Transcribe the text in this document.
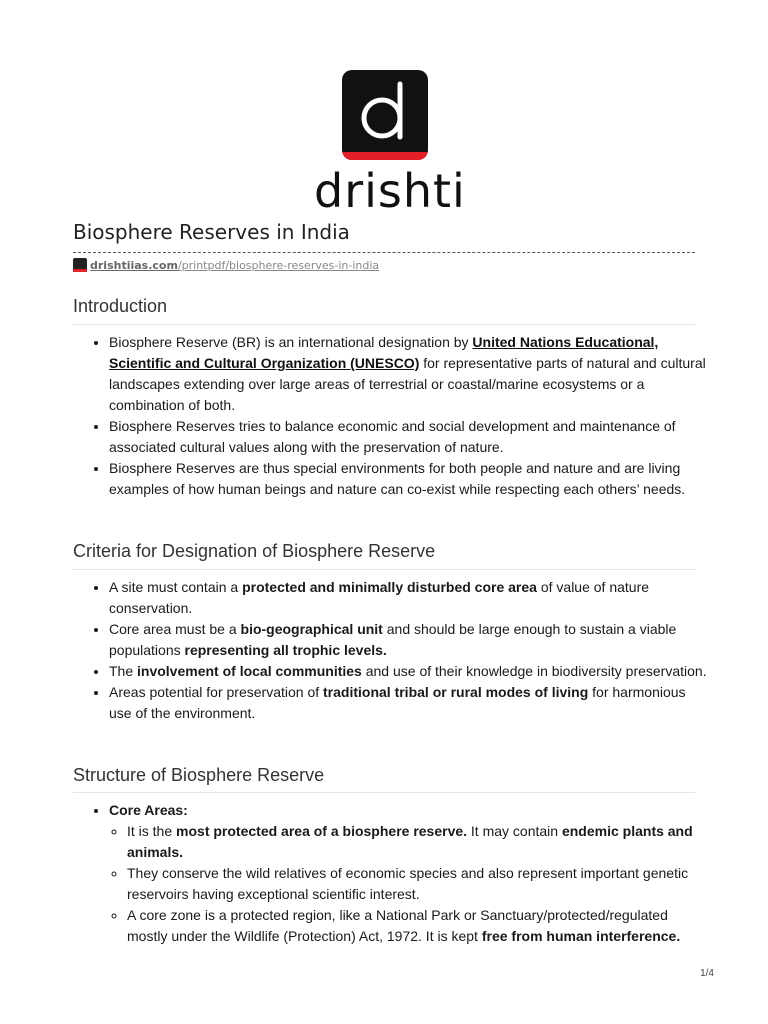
drishti
Biosphere Reserves in India
drishtiias.com/printpdf/biosphere-reserves-in-india
Introduction
• Biosphere Reserve (BR) is an international designation by United Nations Educational, Scientific and Cultural Organization (UNESCO) for representative parts of natural and cultural landscapes extending over large areas of terrestrial or coastal/marine ecosystems or a combination of both.
• Biosphere Reserves tries to balance economic and social development and maintenance of associated cultural values along with the preservation of nature.
• Biosphere Reserves are thus special environments for both people and nature and are living examples of how human beings and nature can co-exist while respecting each others’ needs.
Criteria for Designation of Biosphere Reserve
• A site must contain a protected and minimally disturbed core area of value of nature conservation.
• Core area must be a bio-geographical unit and should be large enough to sustain a viable populations representing all trophic levels.
• The involvement of local communities and use of their knowledge in biodiversity preservation.
• Areas potential for preservation of traditional tribal or rural modes of living for harmonious use of the environment.
Structure of Biosphere Reserve
• Core Areas:
◦ It is the most protected area of a biosphere reserve. It may contain endemic plants and animals.
◦ They conserve the wild relatives of economic species and also represent important genetic reservoirs having exceptional scientific interest.
◦ A core zone is a protected region, like a National Park or Sanctuary/protected/regulated mostly under the Wildlife (Protection) Act, 1972. It is kept free from human interference.
1/4
